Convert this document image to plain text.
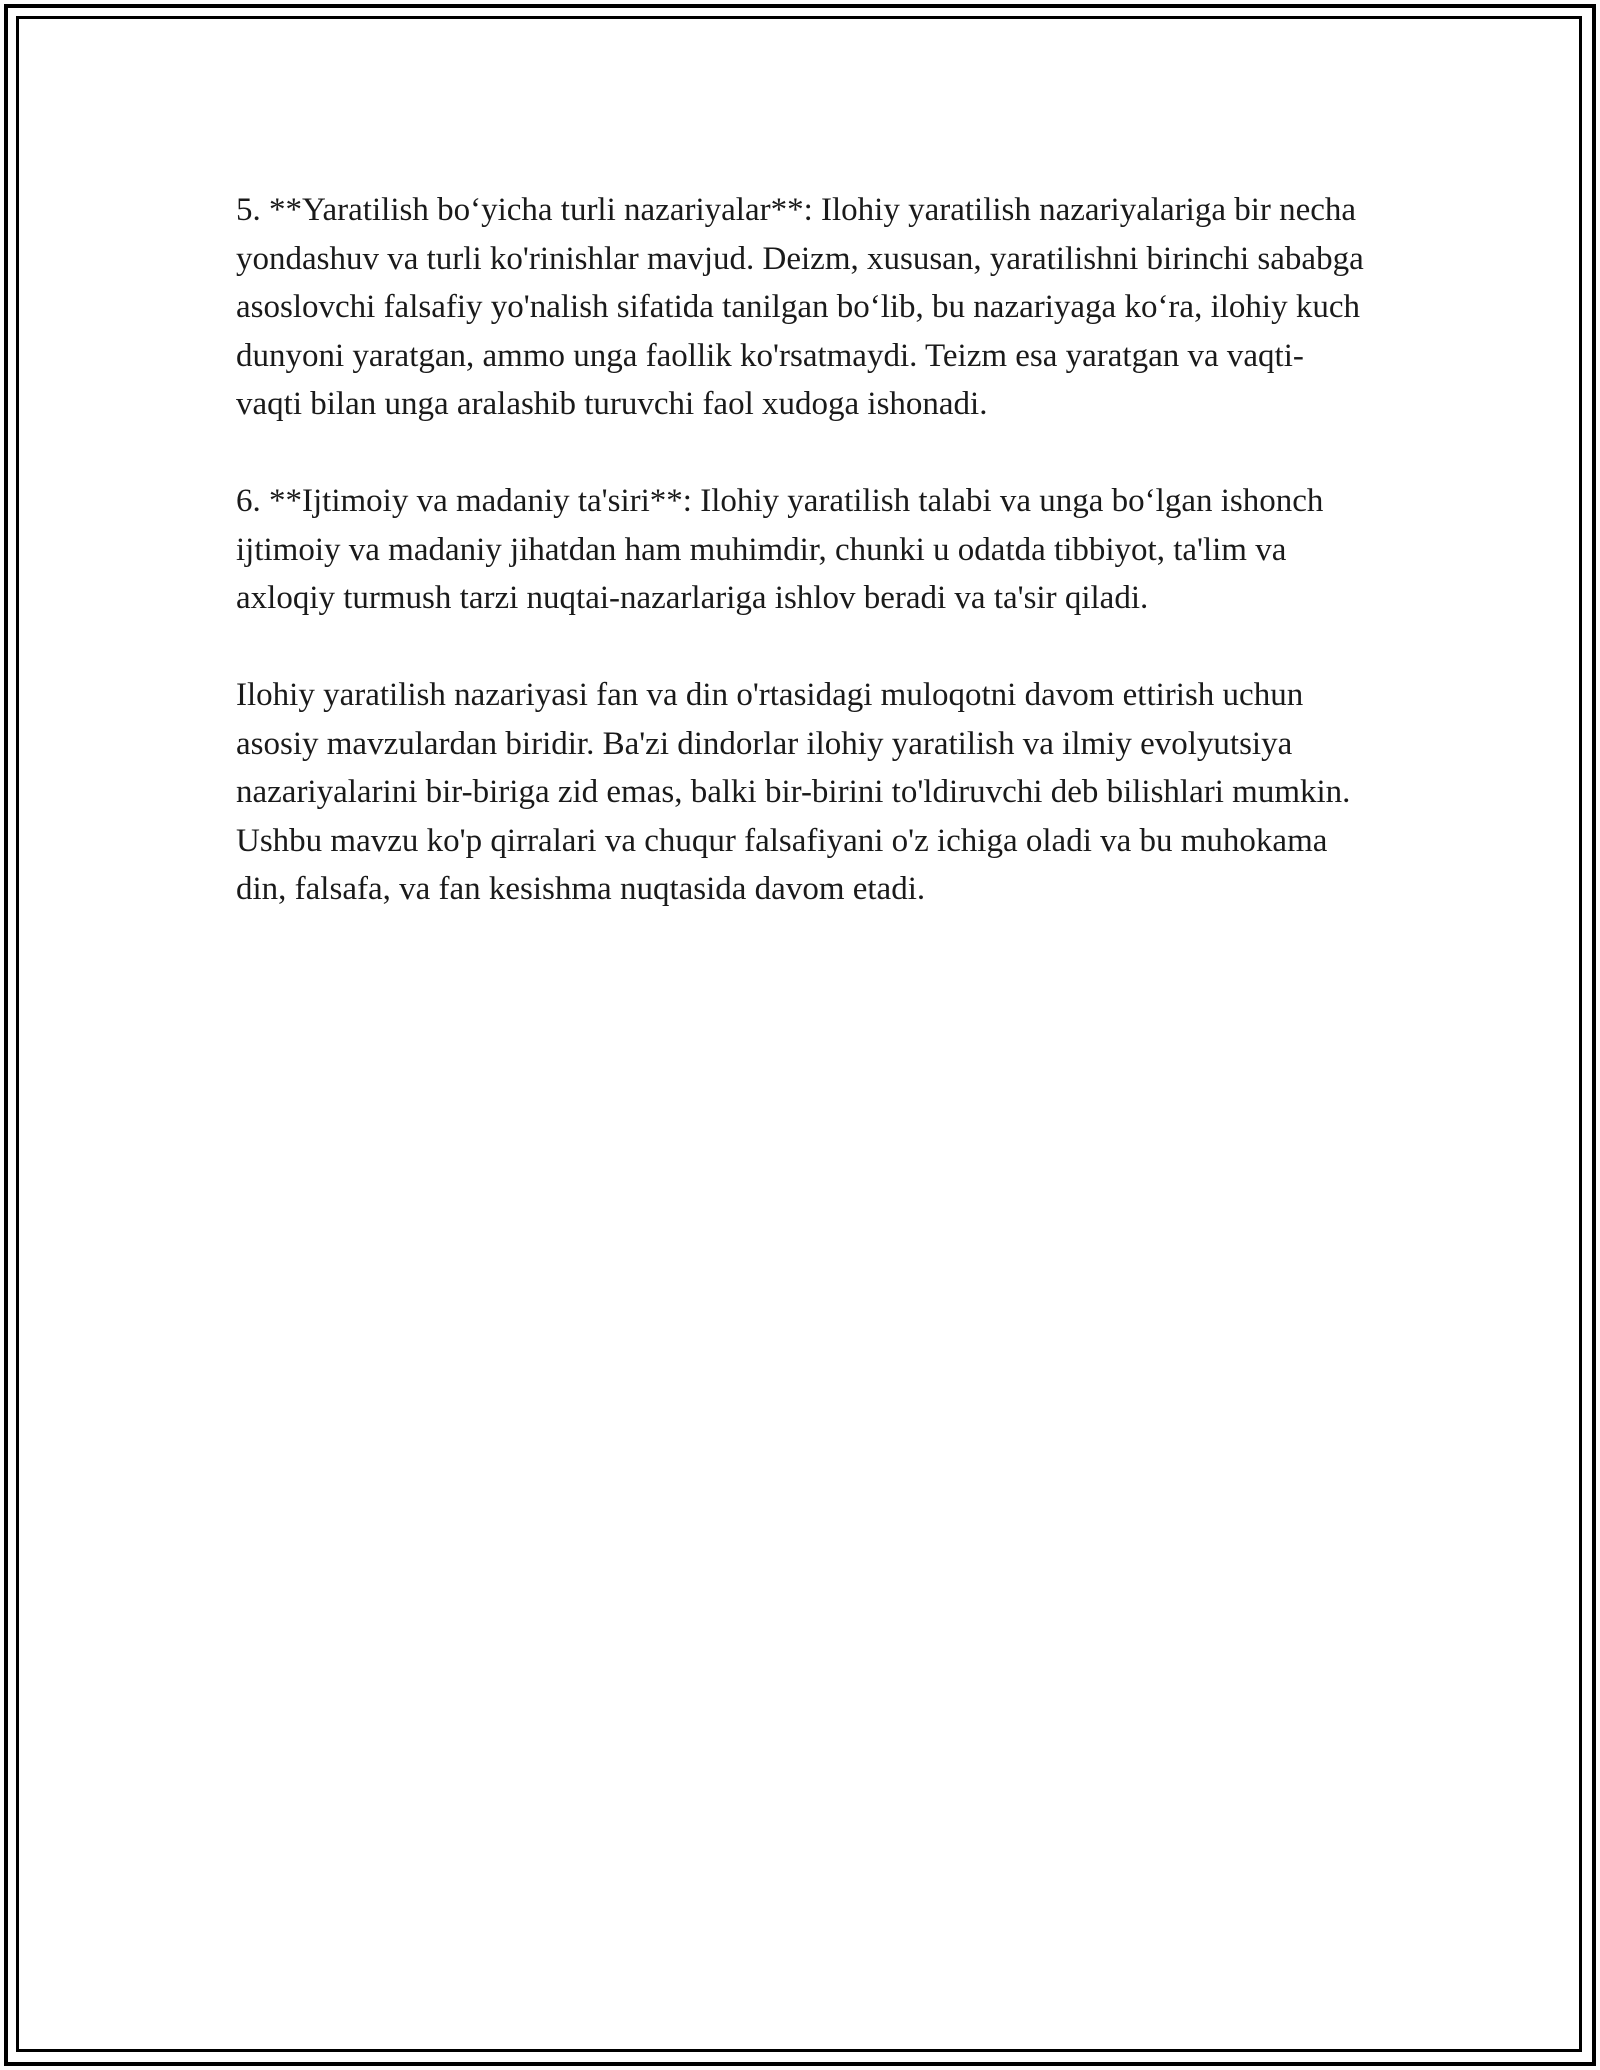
5. **Yaratilish bo‘yicha turli nazariyalar**: Ilohiy yaratilish nazariyalariga bir necha yondashuv va turli ko'rinishlar mavjud. Deizm, xususan, yaratilishni birinchi sababga asoslovchi falsafiy yo'nalish sifatida tanilgan bo‘lib, bu nazariyaga ko‘ra, ilohiy kuch dunyoni yaratgan, ammo unga faollik ko'rsatmaydi. Teizm esa yaratgan va vaqti-vaqti bilan unga aralashib turuvchi faol xudoga ishonadi.

6. **Ijtimoiy va madaniy ta'siri**: Ilohiy yaratilish talabi va unga bo‘lgan ishonch ijtimoiy va madaniy jihatdan ham muhimdir, chunki u odatda tibbiyot, ta'lim va axloqiy turmush tarzi nuqtai-nazarlariga ishlov beradi va ta'sir qiladi.

Ilohiy yaratilish nazariyasi fan va din o'rtasidagi muloqotni davom ettirish uchun asosiy mavzulardan biridir. Ba'zi dindorlar ilohiy yaratilish va ilmiy evolyutsiya nazariyalarini bir-biriga zid emas, balki bir-birini to'ldiruvchi deb bilishlari mumkin. Ushbu mavzu ko'p qirralari va chuqur falsafiyani o'z ichiga oladi va bu muhokama din, falsafa, va fan kesishma nuqtasida davom etadi.
